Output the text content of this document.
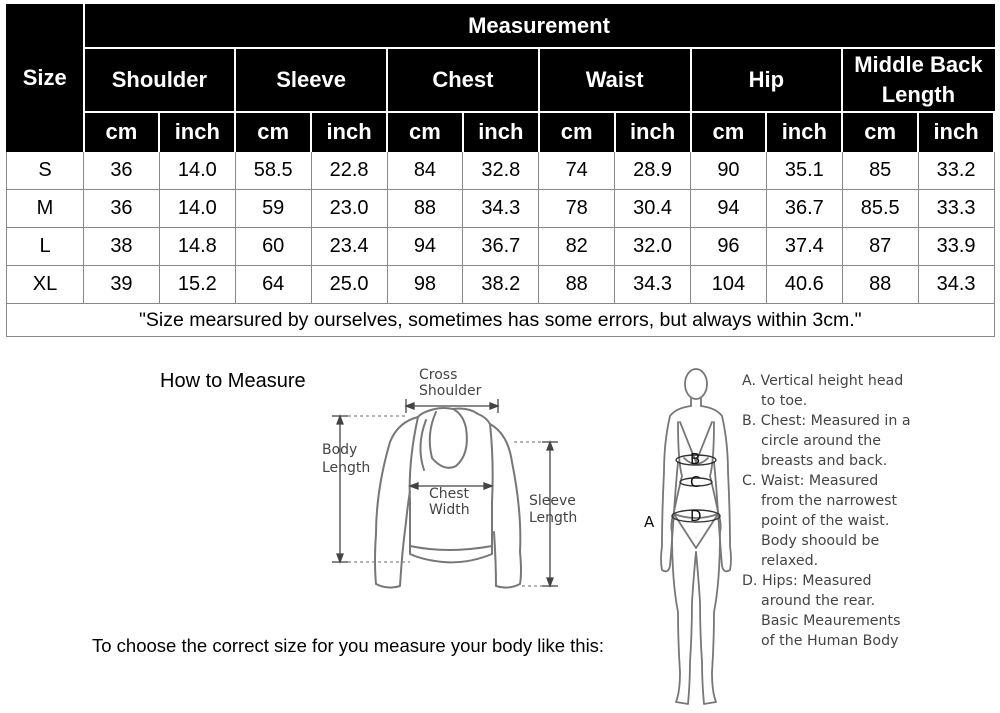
Size	Measurement											
	Shoulder		Sleeve		Chest		Waist		Hip		Middle Back Length	
	cm	inch	cm	inch	cm	inch	cm	inch	cm	inch	cm	inch
S	36	14.0	58.5	22.8	84	32.8	74	28.9	90	35.1	85	33.2
M	36	14.0	59	23.0	88	34.3	78	30.4	94	36.7	85.5	33.3
L	38	14.8	60	23.4	94	36.7	82	32.0	96	37.4	87	33.9
XL	39	15.2	64	25.0	98	38.2	88	34.3	104	40.6	88	34.3
"Size mearsured by ourselves, sometimes has some errors, but always within 3cm."												
How to Measure	Cross
Shoulder
Body
Length
Chest
Width
Sleeve
Length
B
C
D
A
A. Vertical height head
to toe.
B. Chest: Measured in a
circle around the
breasts and back.
C. Waist: Measured
from the narrowest
point of the waist.
Body shoould be
relaxed.
D. Hips: Measured
around the rear.
Basic Meaurements
of the Human Body
To choose the correct size for you measure your body like this:
